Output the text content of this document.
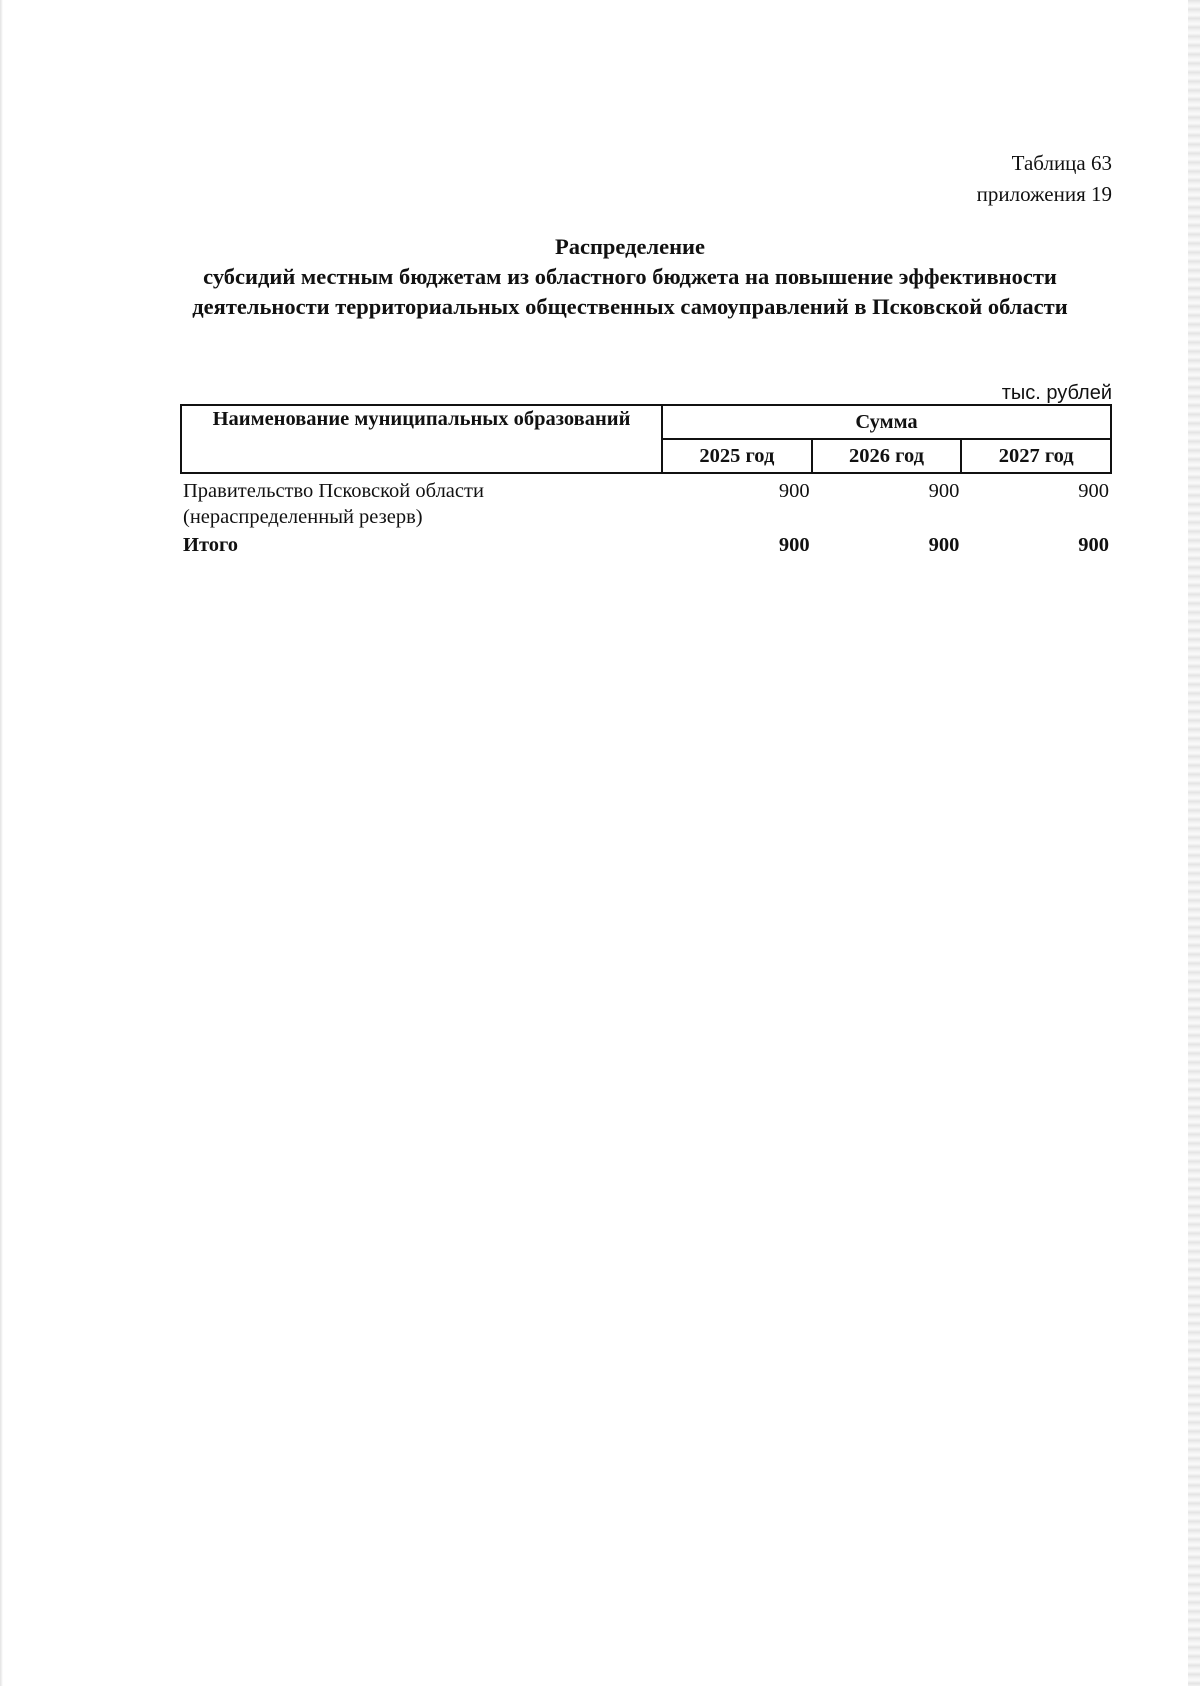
Таблица 63
приложения 19
Распределение
субсидий местным бюджетам из областного бюджета на повышение эффективности
деятельности территориальных общественных самоуправлений в Псковской области
тыс. рублей
Наименование муниципальных образований	Сумма		
	2025 год	2026 год	2027 год

Правительство Псковской области
(нераспределенный резерв)	900	900	900
Итого	900	900	900
